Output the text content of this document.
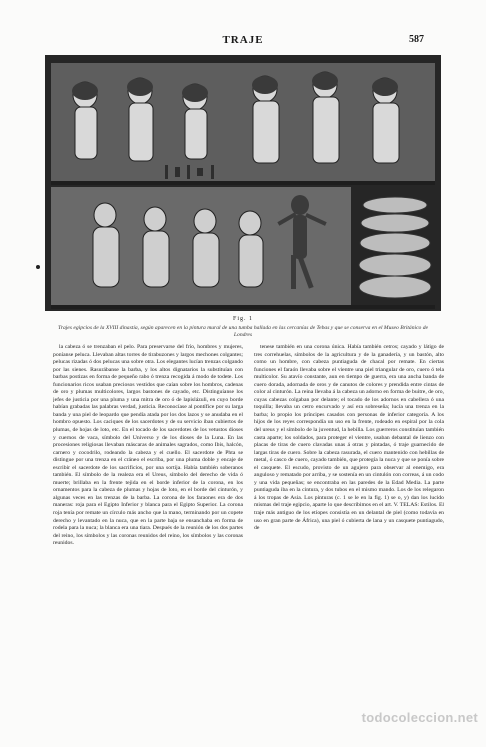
TRAJE	587
Fig. 1
Trajes egipcios de la XVIII dinastía, según aparecen en la pintura mural de una tumba hallada en las cercanías de Tebas y que se conserva en el Museo Británico de Londres

la cabeza ó se trenzaban el pelo. Para preservarse del frío, hombres y mujeres, poníanse peluca. Llevaban altas torres de tirabuzones y largos mechones colgantes; pelucas rizadas ó dos pelucas una sobre otra. Los elegantes lucían trenzas colgando por las sienes. Rasurábanse la barba, y los altos dignatarios la substituían con barbas postizas en forma de pequeño rabo ó trenza recogida á modo de todete. Los funcionarios ricos usaban preciosos vestidos que caían sobre los hombros, cadenas de oro y plumas multicolores, largos bastones de cayado, etc. Distinguíanse los jefes de justicia por una pluma y una mitra de oro ó de lapislázuli, en cuyo borde habían grabadas las palabras verdad, justicia. Reconocíase al pontífice por su larga banda y una piel de leopardo que pendía atada por los dos lazos y se anudaba en el hombro opuesto. Los caciques de los sacerdotes y de su servicio iban cubiertos de plumas, de hojas de loto, etc. En el tocado de los sacerdotes de los vetustos dioses y cuernos de vaca, símbolo del Universo y de los dioses de la Luna. En las procesiones religiosas llevaban máscaras de animales sagrados, como Ibis, halcón, carnero y cocodrilo, rodeando la cabeza y el cuello. El sacerdote de Phta se distingue por una trenza en el cráneo el escriba, por una pluma doble y encaje de escribir el sacerdote de los sacrificios, por una sortija. Había también soberanos también. El símbolo de la realeza era el Ureus, símbolo del derecho de vida ó muerte; brillaba en la frente tejida en el borde inferior de la corona, en los ornamentos para la cabeza de plumas y hojas de loto, en el borde del cinturón, y algunas veces en las trenzas de la barba. La corona de los faraones era de dos maneras: roja para el Egipto Inferior y blanca para el Egipto Superior. La corona roja tenía por remate un círculo más ancho que la mano, terminando por un copete derecho y levantado en la nuca, que en la parte baja se ensanchaba en forma de rodela para la nuca; la blanca era una tiara. Después de la reunión de los dos partes del reino, los símbolos y las coronas reunidos del reino, los símbolos y las coronas reunidos.

tenese también en una corona única. Había también cetros; cayado y látigo de tres correhuelas, símbolos de la agricultura y de la ganadería, y un bastón, alto como un hombre, con cabeza puntiaguda de chacal por remate. En ciertas funciones el faraón llevaba sobre el vientre una piel triangular de oro, cuero ó tela multicolor. Su atavío constante, aun en tiempo de guerra, era una ancha banda de cuero dorada, adornada de oros y de canutos de colores y prendida entre cintas de color al cinturón. La reina llevaba á la cabeza un adorno en forma de buitre, de oro, cuyas cabezas colgaban por delante; el tocado de los adornos en cabellera ó una toquilla; llevaba un cetro encurvado y así era sobreseña; lucía una trenza en la barba; lo propio los príncipes casados con personas de inferior categoría. A los hijos de los reyes correspondía un uso en la frente, rodeado en espiral por la cola del ureus y el símbolo de la juventud, la hebilla. Los guerreros constituían también casta aparte; los soldados, para proteger el vientre, usaban debantal de lienzo con placas de tiras de cuero clavadas unas á otras y pintadas, ó traje guarnecido de largas tiras de cuero. Sobre la cabeza rasurada, el cuero mantenido con hebillas de metal, ó casco de cuero, cayado también, que protegía la nuca y que se ponía sobre el casquete. El escudo, provisto de un agujero para observar al enemigo, era anguloso y rematado por arriba, y se sostenía en un cintulón con correas, á un codo y una vida pequeñas; se encontraba en las paredes de la Edad Media. La parte puntiaguda iba en la cintura, y dos tubos en el mismo mando. Los de los relegaron á los tropas de Asia. Los pinturas (c. 1 se le en la fig. 1) se o, y) dan los lucido mismas del traje egipcio, aparte lo que describimos en el art. V. TELAS: Estilos. El traje más antiguo de los etíopes consistía en un delantal de piel (como todavía en uso en gran parte de África), una piel ó cubierta de lana y un casquete puntiagudo, de

todocoleccion.net
